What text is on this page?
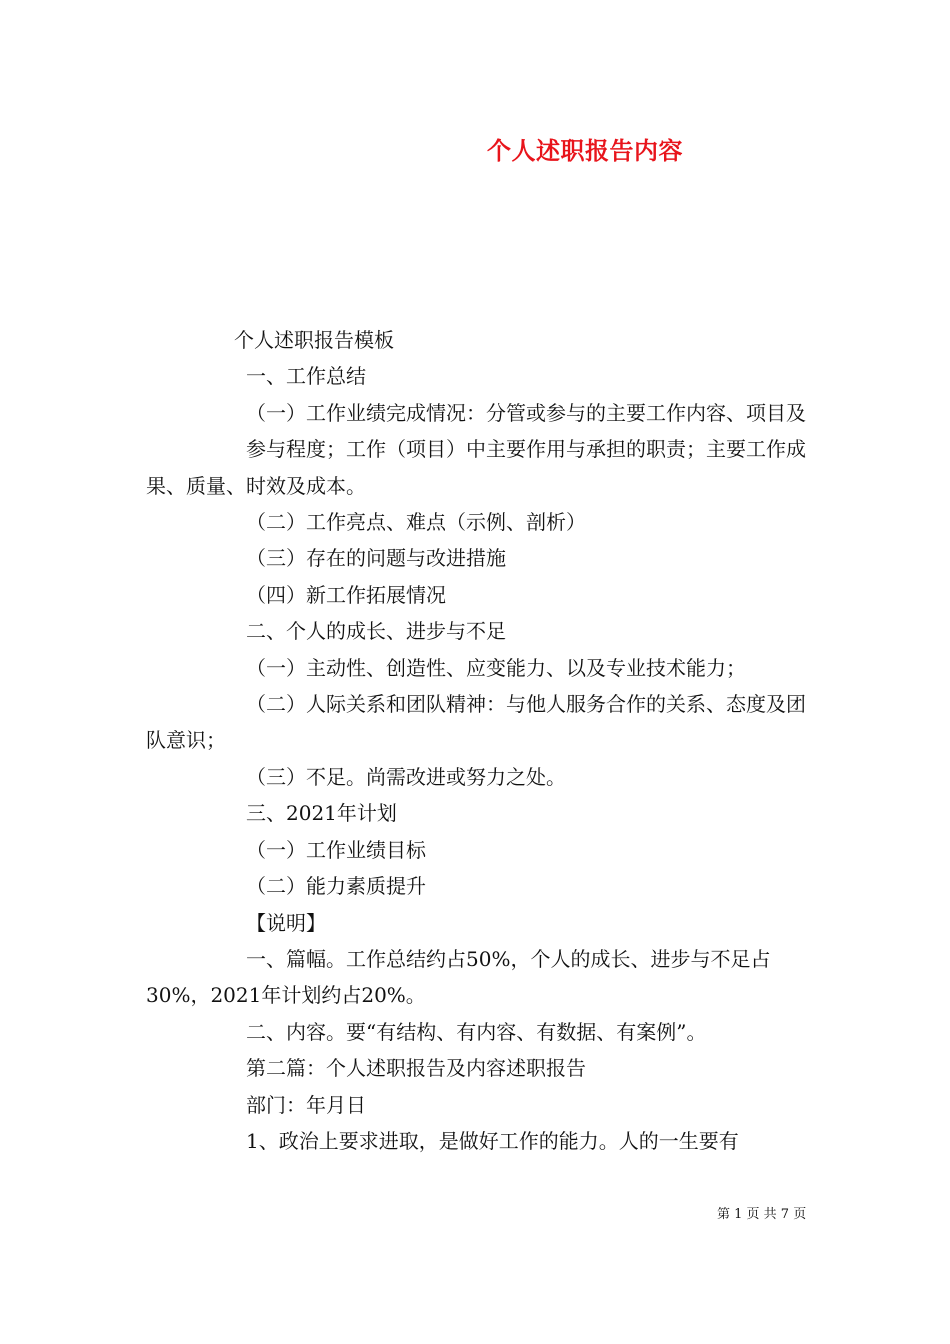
个人述职报告内容

个人述职报告模板

一、工作总结

（一）工作业绩完成情况：分管或参与的主要工作内容、项目及

参与程度；工作（项目）中主要作用与承担的职责；主要工作成果、质量、时效及成本。

（二）工作亮点、难点（示例、剖析）

（三）存在的问题与改进措施

（四）新工作拓展情况

二、个人的成长、进步与不足

（一）主动性、创造性、应变能力、以及专业技术能力；

（二）人际关系和团队精神：与他人服务合作的关系、态度及团队意识；

（三）不足。尚需改进或努力之处。

三、2021年计划

（一）工作业绩目标

（二）能力素质提升

【说明】

一、篇幅。工作总结约占50%，个人的成长、进步与不足占30%，2021年计划约占20%。

二、内容。要“有结构、有内容、有数据、有案例”。

第二篇：个人述职报告及内容述职报告

部门：年月日

1、政治上要求进取，是做好工作的能力。人的一生要有

第 1 页 共 7 页
